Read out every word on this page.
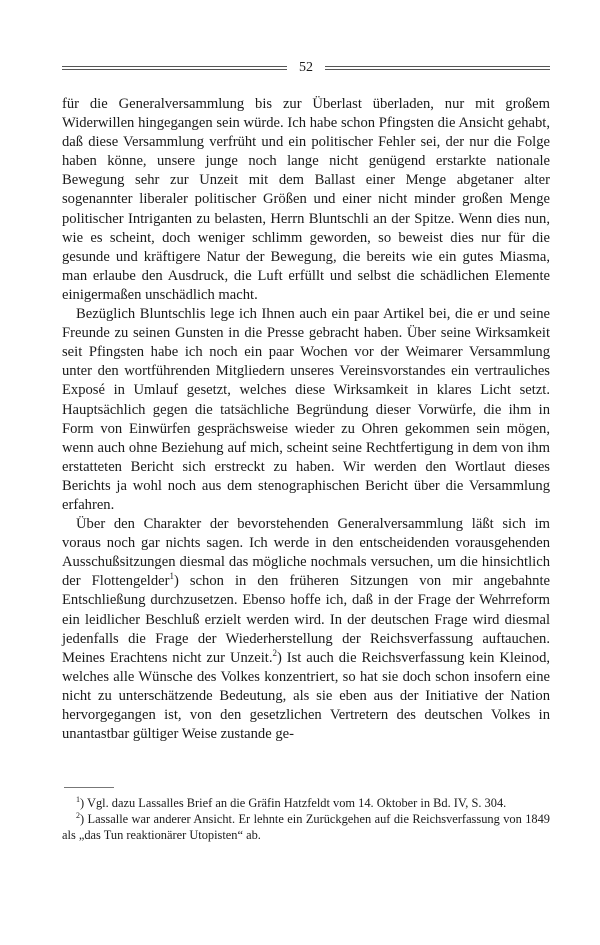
52

für die Generalversammlung bis zur Überlast überladen, nur mit großem Widerwillen hingegangen sein würde. Ich habe schon Pfingsten die Ansicht gehabt, daß diese Versammlung verfrüht und ein politischer Fehler sei, der nur die Folge haben könne, unsere junge noch lange nicht genügend erstarkte nationale Bewegung sehr zur Unzeit mit dem Ballast einer Menge abgetaner alter sogenannter liberaler politischer Größen und einer nicht minder großen Menge politischer Intriganten zu belasten, Herrn Bluntschli an der Spitze. Wenn dies nun, wie es scheint, doch weniger schlimm geworden, so beweist dies nur für die gesunde und kräftigere Natur der Bewegung, die bereits wie ein gutes Miasma, man erlaube den Ausdruck, die Luft erfüllt und selbst die schädlichen Elemente einigermaßen unschädlich macht.

Bezüglich Bluntschlis lege ich Ihnen auch ein paar Artikel bei, die er und seine Freunde zu seinen Gunsten in die Presse gebracht haben. Über seine Wirksamkeit seit Pfingsten habe ich noch ein paar Wochen vor der Weimarer Versammlung unter den wortführenden Mitgliedern unseres Vereinsvorstandes ein vertrauliches Exposé in Umlauf gesetzt, welches diese Wirksamkeit in klares Licht setzt. Hauptsächlich gegen die tatsächliche Begründung dieser Vorwürfe, die ihm in Form von Einwürfen gesprächsweise wieder zu Ohren gekommen sein mögen, wenn auch ohne Beziehung auf mich, scheint seine Rechtfertigung in dem von ihm erstatteten Bericht sich erstreckt zu haben. Wir werden den Wortlaut dieses Berichts ja wohl noch aus dem stenographischen Bericht über die Versammlung erfahren.

Über den Charakter der bevorstehenden Generalversammlung läßt sich im voraus noch gar nichts sagen. Ich werde in den entscheidenden vorausgehenden Ausschußsitzungen diesmal das mögliche nochmals versuchen, um die hinsichtlich der Flottengelder$^1$) schon in den früheren Sitzungen von mir angebahnte Entschließung durchzusetzen. Ebenso hoffe ich, daß in der Frage der Wehrreform ein leidlicher Beschluß erzielt werden wird. In der deutschen Frage wird diesmal jedenfalls die Frage der Wiederherstellung der Reichsverfassung auftauchen. Meines Erachtens nicht zur Unzeit.$^2$) Ist auch die Reichsverfassung kein Kleinod, welches alle Wünsche des Volkes konzentriert, so hat sie doch schon insofern eine nicht zu unterschätzende Bedeutung, als sie eben aus der Initiative der Nation hervorgegangen ist, von den gesetzlichen Vertretern des deutschen Volkes in unantastbar gültiger Weise zustande ge-

$^1$) Vgl. dazu Lassalles Brief an die Gräfin Hatzfeldt vom 14. Oktober in Bd. IV, S. 304.

$^2$) Lassalle war anderer Ansicht. Er lehnte ein Zurückgehen auf die Reichsverfassung von 1849 als „das Tun reaktionärer Utopisten“ ab.
